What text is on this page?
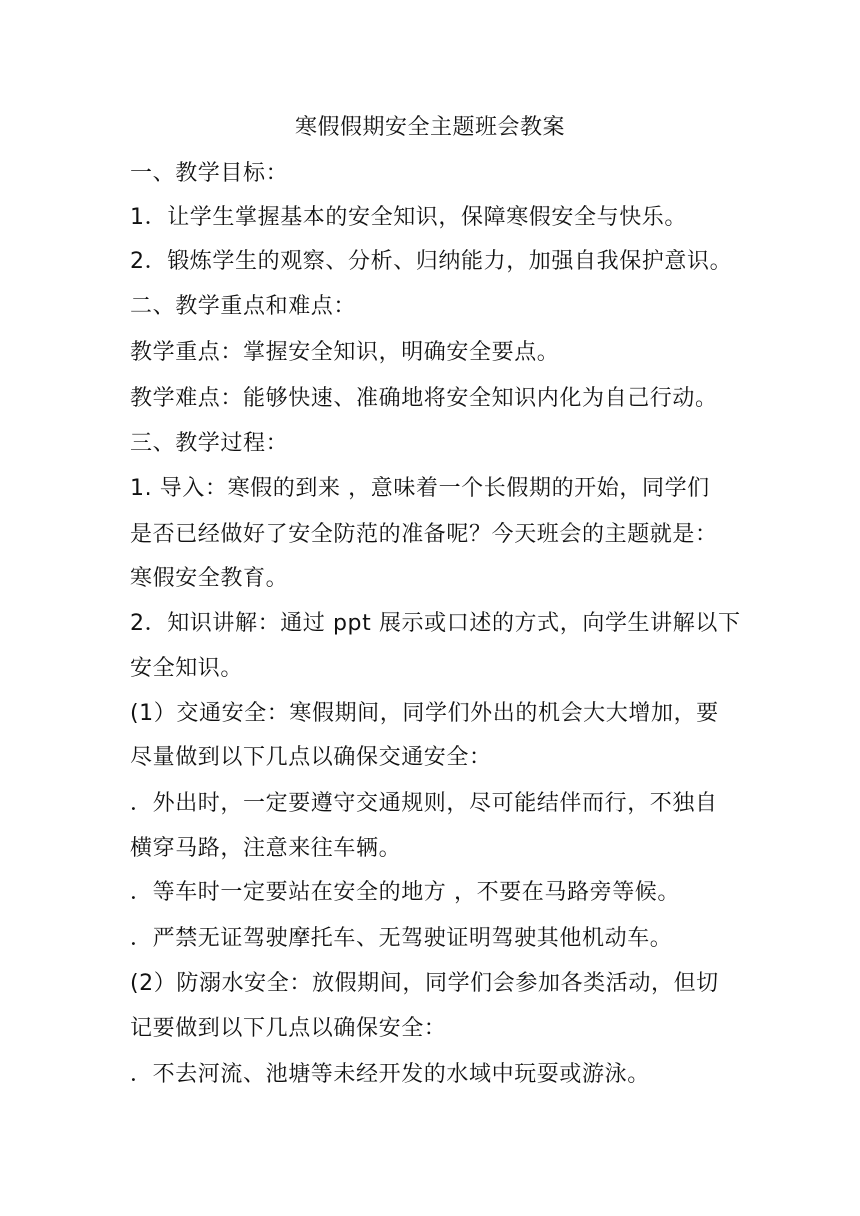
寒假假期安全主题班会教案
一、教学目标：
1．让学生掌握基本的安全知识，保障寒假安全与快乐。
2．锻炼学生的观察、分析、归纳能力，加强自我保护意识。
二、教学重点和难点：
教学重点：掌握安全知识，明确安全要点。
教学难点：能够快速、准确地将安全知识内化为自己行动。
三、教学过程：
1. 导入：寒假的到来 ，意味着一个长假期的开始，同学们
是否已经做好了安全防范的准备呢？今天班会的主题就是：
寒假安全教育。
2．知识讲解：通过 ppt 展示或口述的方式，向学生讲解以下
安全知识。
(1）交通安全：寒假期间，同学们外出的机会大大增加，要
尽量做到以下几点以确保交通安全：
．外出时，一定要遵守交通规则，尽可能结伴而行，不独自
横穿马路，注意来往车辆。
．等车时一定要站在安全的地方 ，不要在马路旁等候。
．严禁无证驾驶摩托车、无驾驶证明驾驶其他机动车。
(2）防溺水安全：放假期间，同学们会参加各类活动，但切
记要做到以下几点以确保安全：
．不去河流、池塘等未经开发的水域中玩耍或游泳。
